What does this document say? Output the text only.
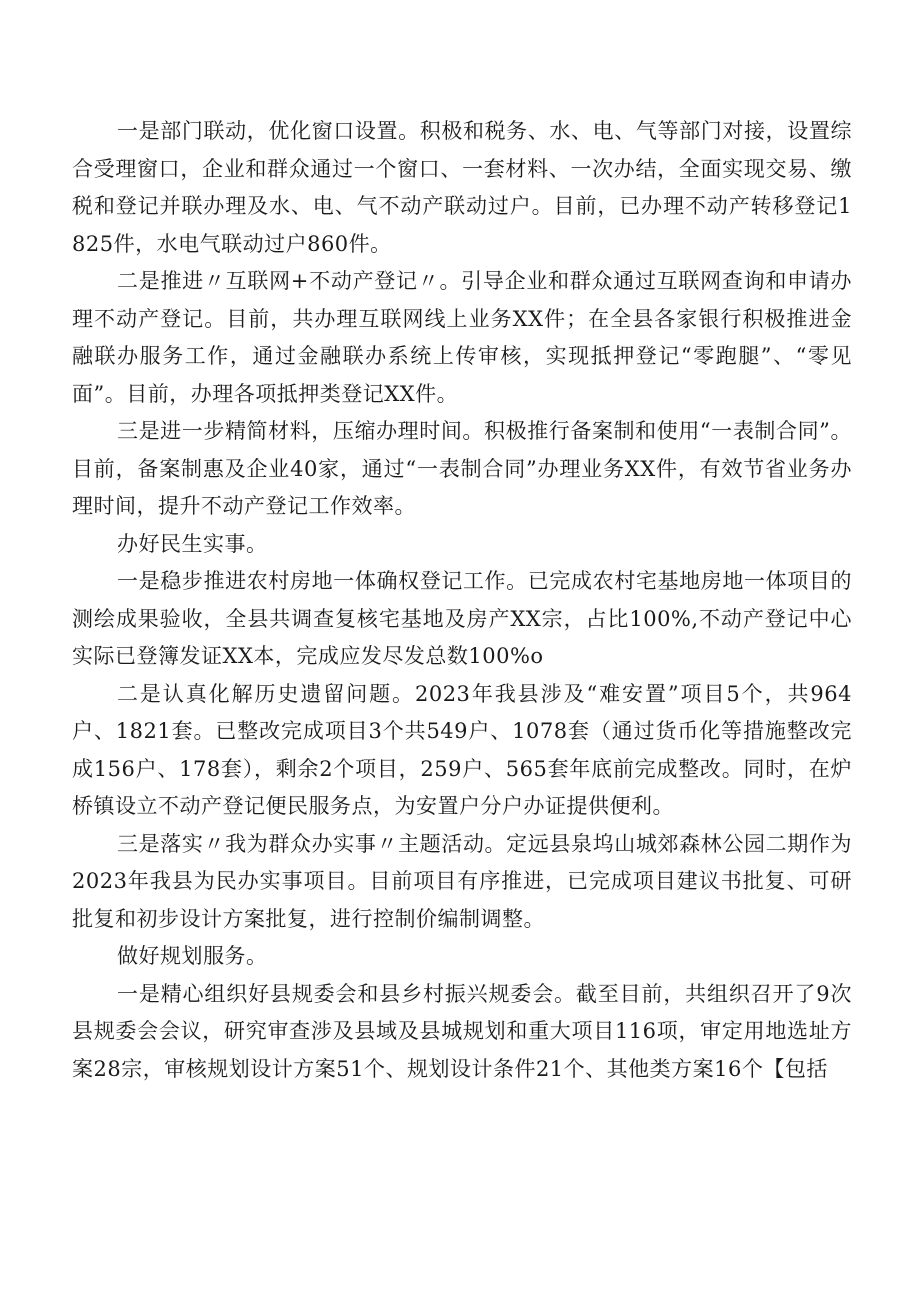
一是部门联动，优化窗口设置。积极和税务、水、电、气等部门对接，设置综合受理窗口，企业和群众通过一个窗口、一套材料、一次办结，全面实现交易、缴税和登记并联办理及水、电、气不动产联动过户。目前，已办理不动产转移登记1825件，水电气联动过户860件。

二是推进〃互联网+不动产登记〃。引导企业和群众通过互联网查询和申请办理不动产登记。目前，共办理互联网线上业务XX件；在全县各家银行积极推进金融联办服务工作，通过金融联办系统上传审核，实现抵押登记“零跑腿”、“零见面”。目前，办理各项抵押类登记XX件。

三是进一步精简材料，压缩办理时间。积极推行备案制和使用“一表制合同”。目前，备案制惠及企业40家，通过“一表制合同”办理业务XX件，有效节省业务办理时间，提升不动产登记工作效率。

办好民生实事。

一是稳步推进农村房地一体确权登记工作。已完成农村宅基地房地一体项目的测绘成果验收，全县共调查复核宅基地及房产XX宗，占比100%,不动产登记中心实际已登簿发证XX本，完成应发尽发总数100%o

二是认真化解历史遗留问题。2023年我县涉及“难安置”项目5个，共964户、1821套。已整改完成项目3个共549户、1078套（通过货币化等措施整改完成156户、178套），剩余2个项目，259户、565套年底前完成整改。同时，在炉桥镇设立不动产登记便民服务点，为安置户分户办证提供便利。

三是落实〃我为群众办实事〃主题活动。定远县泉坞山城郊森林公园二期作为2023年我县为民办实事项目。目前项目有序推进，已完成项目建议书批复、可研批复和初步设计方案批复，进行控制价编制调整。

做好规划服务。

一是精心组织好县规委会和县乡村振兴规委会。截至目前，共组织召开了9次县规委会会议，研究审查涉及县域及县城规划和重大项目116项，审定用地选址方案28宗，审核规划设计方案51个、规划设计条件21个、其他类方案16个【包括
